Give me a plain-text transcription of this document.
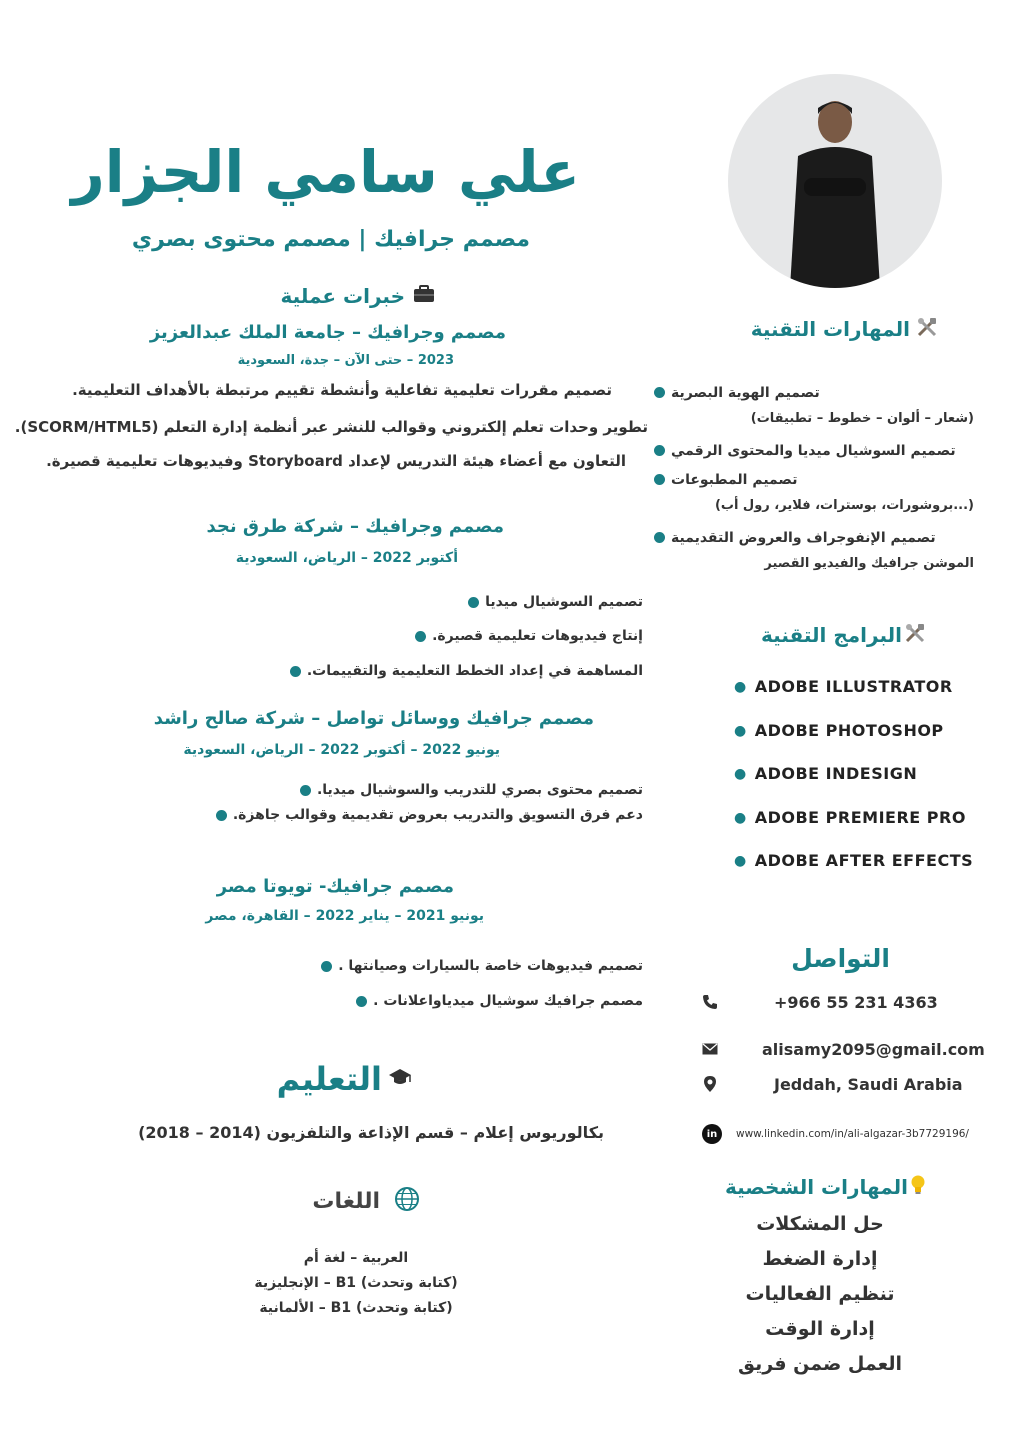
علي سامي الجزار
مصمم جرافيك | مصمم محتوى بصري
خبرات عملية
مصمم وجرافيك – جامعة الملك عبدالعزيز
2023 – حتى الآن – جدة، السعودية
تصميم مقررات تعليمية تفاعلية وأنشطة تقييم مرتبطة بالأهداف التعليمية.
تطوير وحدات تعلم إلكتروني وقوالب للنشر عبر أنظمة إدارة التعلم (SCORM/HTML5).
التعاون مع أعضاء هيئة التدريس لإعداد Storyboard وفيديوهات تعليمية قصيرة.
مصمم وجرافيك – شركة طرق نجد
أكتوبر 2022 – الرياض، السعودية
تصميم السوشيال ميديا
إنتاج فيديوهات تعليمية قصيرة.
المساهمة في إعداد الخطط التعليمية والتقييمات.
مصمم جرافيك ووسائل تواصل – شركة صالح راشد
يونيو 2022 – أكتوبر 2022 – الرياض، السعودية
تصميم محتوى بصري للتدريب والسوشيال ميديا.
دعم فرق التسويق والتدريب بعروض تقديمية وقوالب جاهزة.
مصمم جرافيك- تويوتا مصر
يونيو 2021 – يناير 2022 – القاهرة، مصر
تصميم فيديوهات خاصة بالسيارات وصيانتها .
مصمم جرافيك سوشيال ميدياواعلانات .
التعليم
بكالوريوس إعلام – قسم الإذاعة والتلفزيون (2014 – 2018)
اللغات
العربية – لغة أم
(كتابة وتحدث) B1 – الإنجليزية
(كتابة وتحدث) B1 – الألمانية
المهارات التقنية
تصميم الهوية البصرية
(شعار – ألوان – خطوط – تطبيقات)
تصميم السوشيال ميديا والمحتوى الرقمي
تصميم المطبوعات
(...بروشورات، بوسترات، فلاير، رول أب)
تصميم الإنفوجراف والعروض التقديمية
الموشن جرافيك والفيديو القصير
البرامج التقنية
● ADOBE ILLUSTRATOR
● ADOBE PHOTOSHOP
● ADOBE INDESIGN
● ADOBE PREMIERE PRO
● ADOBE AFTER EFFECTS
التواصل
+966 55 231 4363
alisamy2095@gmail.com
Jeddah, Saudi Arabia
in	www.linkedin.com/in/ali-algazar-3b7729196/
المهارات الشخصية
حل المشكلات
إدارة الضغط
تنظيم الفعاليات
إدارة الوقت
العمل ضمن فريق
